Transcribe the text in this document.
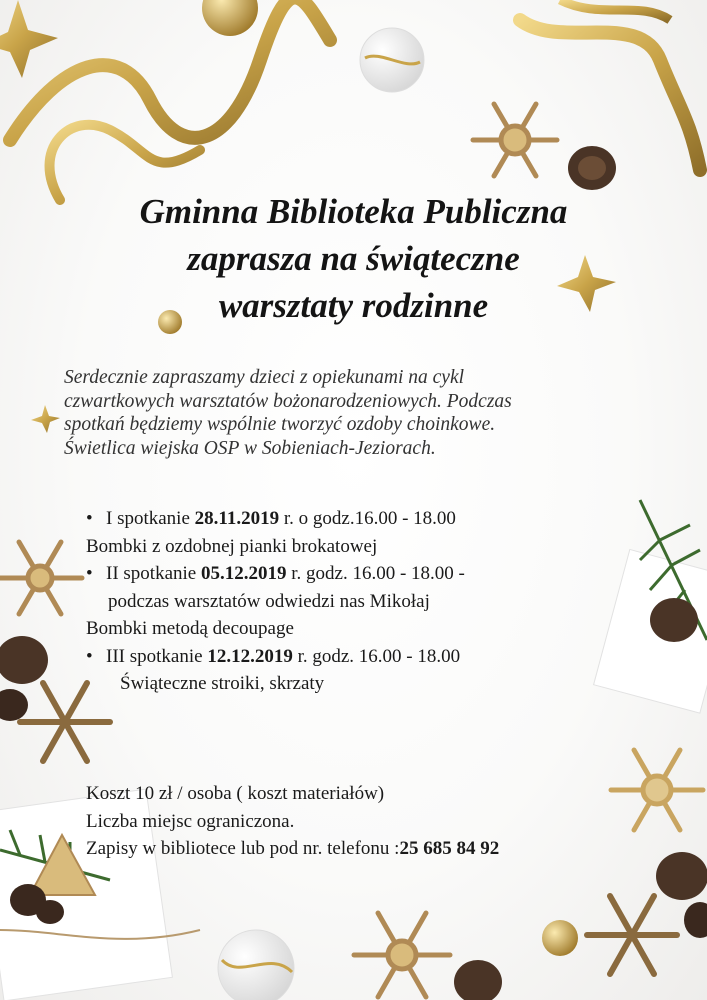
Gminna Biblioteka Publiczna
zaprasza na świąteczne
warsztaty rodzinne
Serdecznie zapraszamy dzieci z opiekunami na cykl
czwartkowych warsztatów bożonarodzeniowych. Podczas
spotkań będziemy wspólnie tworzyć ozdoby choinkowe.
Świetlica wiejska OSP w Sobieniach-Jeziorach.
• I spotkanie 28.11.2019 r. o godz.16.00 - 18.00
Bombki z ozdobnej pianki brokatowej
• II spotkanie 05.12.2019 r. godz. 16.00 - 18.00 -
podczas warsztatów odwiedzi nas Mikołaj
Bombki metodą decoupage
• III spotkanie 12.12.2019 r. godz. 16.00 - 18.00
Świąteczne stroiki, skrzaty
Koszt 10 zł / osoba ( koszt materiałów)
Liczba miejsc ograniczona.
Zapisy w bibliotece lub pod nr. telefonu :25 685 84 92
